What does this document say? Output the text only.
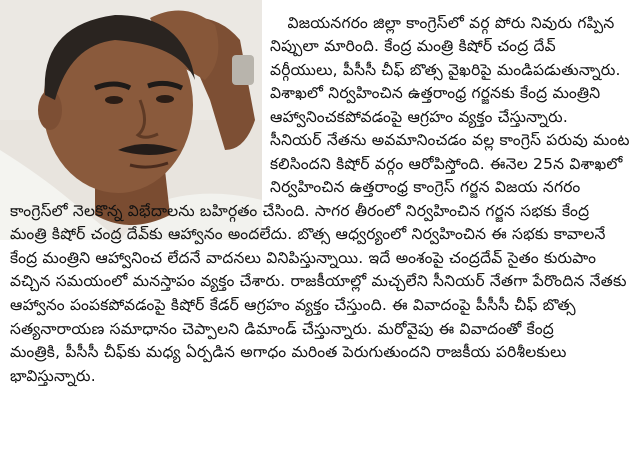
విజయనగరం జిల్లా కాంగ్రెస్‌లో వర్గ పోరు నివురు గప్పిన
నిప్పులా మారింది. కేంద్ర మంత్రి కిషోర్ చంద్ర దేవ్
వర్గీయులు, పీసీసీ చీఫ్ బొత్స వైఖరిపై మండిపడుతున్నారు.
విశాఖలో నిర్వహించిన ఉత్తరాంధ్ర గర్జనకు కేంద్ర మంత్రిని
ఆహ్వానించకపోవడంపై ఆగ్రహం వ్యక్తం చేస్తున్నారు.
సీనియర్ నేతను అవమానించడం వల్ల కాంగ్రెస్ పరువు మంట
కలిసిందని కిషోర్ వర్గం ఆరోపిస్తోంది. ఈనెల 25న విశాఖలో
నిర్వహించిన ఉత్తరాంధ్ర కాంగ్రెస్ గర్జన విజయ నగరం
కాంగ్రెస్‌లో నెలకొన్న విభేదాలను బహిర్గతం చేసింది. సాగర తీరంలో నిర్వహించిన గర్జన సభకు కేంద్ర
మంత్రి కిషోర్ చంద్ర దేవ్‌కు ఆహ్వానం అందలేదు. బొత్స ఆధ్వర్యంలో నిర్వహించిన ఈ సభకు కావాలనే
కేంద్ర మంత్రిని ఆహ్వానించ లేదనే వాదనలు వినిపిస్తున్నాయి. ఇదే అంశంపై చంద్రదేవ్ సైతం కురుపాం
వచ్చిన సమయంలో మనస్తాపం వ్యక్తం చేశారు. రాజకీయాల్లో మచ్చలేని సీనియర్ నేతగా పేరొందిన నేతకు
ఆహ్వానం పంపకపోవడంపై కిషోర్ కేడర్ ఆగ్రహం వ్యక్తం చేస్తుంది. ఈ వివాదంపై పీసీసీ చీఫ్ బొత్స
సత్యనారాయణ సమాధానం చెప్పాలని డిమాండ్ చేస్తున్నారు. మరోవైపు ఈ వివాదంతో కేంద్ర
మంత్రికి, పీసీసీ చీఫ్‌కు మధ్య ఏర్పడిన అగాధం మరింత పెరుగుతుందని రాజకీయ పరిశీలకులు
భావిస్తున్నారు.
